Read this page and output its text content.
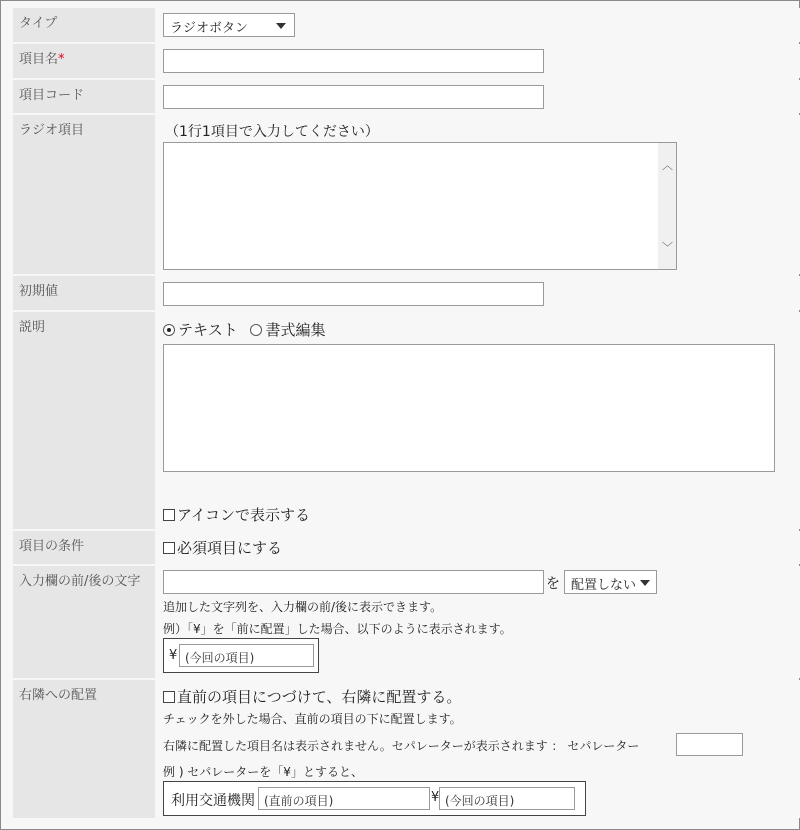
タイプ	ラジオボタン
項目名*
項目コード
ラジオ項目	（1行1項目で入力してください）
︿
﹀
初期値
説明	テキスト 書式編集
アイコンで表示する
項目の条件	必須項目にする
入力欄の前/後の文字	を 配置しない
追加した文字列を、入力欄の前/後に表示できます。
例）「¥」を「前に配置」した場合、以下のように表示されます。
¥ (今回の項目)
右隣への配置	直前の項目につづけて、右隣に配置する。
チェックを外した場合、直前の項目の下に配置します。
右隣に配置した項目名は表示されません。セパレーターが表示されます ： セパレーター
例 ) セパレーターを「¥」とすると、
利用交通機関 (直前の項目)	¥ (今回の項目)
